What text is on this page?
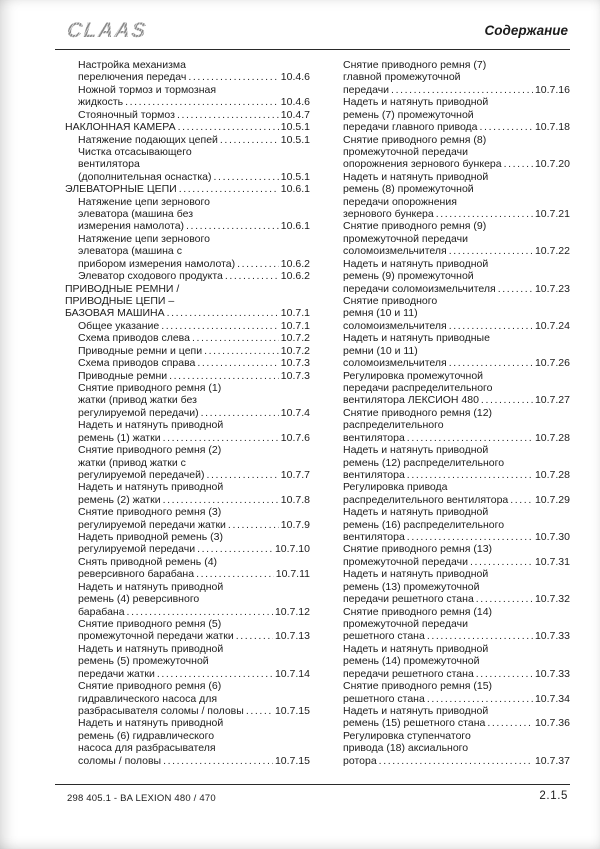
CLAAS	Содержание
Настройка механизма
перелючения передач .....	10.4.6
Ножной тормоз и тормозная
жидкость .....	10.4.6
Стояночный тормоз .....	10.4.7
НАКЛОННАЯ КАМЕРА .....	10.5.1
Натяжение подающих цепей .....	10.5.1
Чистка отсасывающего
вентилятора
(дополнительная оснастка) .....	10.5.1
ЭЛЕВАТОРНЫЕ ЦЕПИ .....	10.6.1
Натяжение цепи зернового
элеватора (машина без
измерения намолота) .....	10.6.1
Натяжение цепи зернового
элеватора (машина с
прибором измерения намолота) .....	10.6.2
Элеватор сходового продукта .....	10.6.2
ПРИВОДНЫЕ РЕМНИ /
ПРИВОДНЫЕ ЦЕПИ –
БАЗОВАЯ МАШИНА .....	10.7.1
Общее указание .....	10.7.1
Схема приводов слева .....	10.7.2
Приводные ремни и цепи .....	10.7.2
Схема приводов справа .....	10.7.3
Приводные ремни .....	10.7.3
Снятие приводного ремня (1)
жатки (привод жатки без
регулируемой передачи) .....	10.7.4
Надеть и натянуть приводной
ремень (1) жатки .....	10.7.6
Снятие приводного ремня (2)
жатки (привод жатки с
регулируемой передачей) .....	10.7.7
Надеть и натянуть приводной
ремень (2) жатки .....	10.7.8
Снятие приводного ремня (3)
регулируемой передачи жатки .....	10.7.9
Надеть приводной ремень (3)
регулируемой передачи .....	10.7.10
Снять приводной ремень (4)
реверсивного барабана .....	10.7.11
Надеть и натянуть приводной
ремень (4) реверсивного
барабана .....	10.7.12
Снятие приводного ремня (5)
промежуточной передачи жатки .....	10.7.13
Надеть и натянуть приводной
ремень (5) промежуточной
передачи жатки .....	10.7.14
Снятие приводного ремня (6)
гидравлического насоса для
разбрасывателя соломы / половы .....	10.7.15
Надеть и натянуть приводной
ремень (6) гидравлического
насоса для разбрасывателя
соломы / половы .....	10.7.15
Снятие приводного ремня (7)
главной промежуточной
передачи .....	10.7.16
Надеть и натянуть приводной
ремень (7) промежуточной
передачи главного привода .....	10.7.18
Снятие приводного ремня (8)
промежуточной передачи
опорожнения зернового бункера .....	10.7.20
Надеть и натянуть приводной
ремень (8) промежуточной
передачи опорожнения
зернового бункера .....	10.7.21
Снятие приводного ремня (9)
промежуточной передачи
соломоизмельчителя .....	10.7.22
Надеть и натянуть приводной
ремень (9) промежуточной
передачи соломоизмельчителя .....	10.7.23
Снятие приводного
ремня (10 и 11)
соломоизмельчителя .....	10.7.24
Надеть и натянуть приводные
ремни (10 и 11)
соломоизмельчителя .....	10.7.26
Регулировка промежуточной
передачи распределительного
вентилятора ЛЕКСИОН 480 .....	10.7.27
Снятие приводного ремня (12)
распределительного
вентилятора .....	10.7.28
Надеть и натянуть приводной
ремень (12) распределительного
вентилятора .....	10.7.28
Регулировка привода
распределительного вентилятора .....	10.7.29
Надеть и натянуть приводной
ремень (16) распределительного
вентилятора .....	10.7.30
Снятие приводного ремня (13)
промежуточной передачи .....	10.7.31
Надеть и натянуть приводной
ремень (13) промежуточной
передачи решетного стана .....	10.7.32
Снятие приводного ремня (14)
промежуточной передачи
решетного стана .....	10.7.33
Надеть и натянуть приводной
ремень (14) промежуточной
передачи решетного стана .....	10.7.33
Снятие приводного ремня (15)
решетного стана .....	10.7.34
Надеть и натянуть приводной
ремень (15) решетного стана .....	10.7.36
Регулировка ступенчатого
привода (18) аксиального
ротора .....	10.7.37
298 405.1 - BA LEXION 480 / 470	2.1.5
